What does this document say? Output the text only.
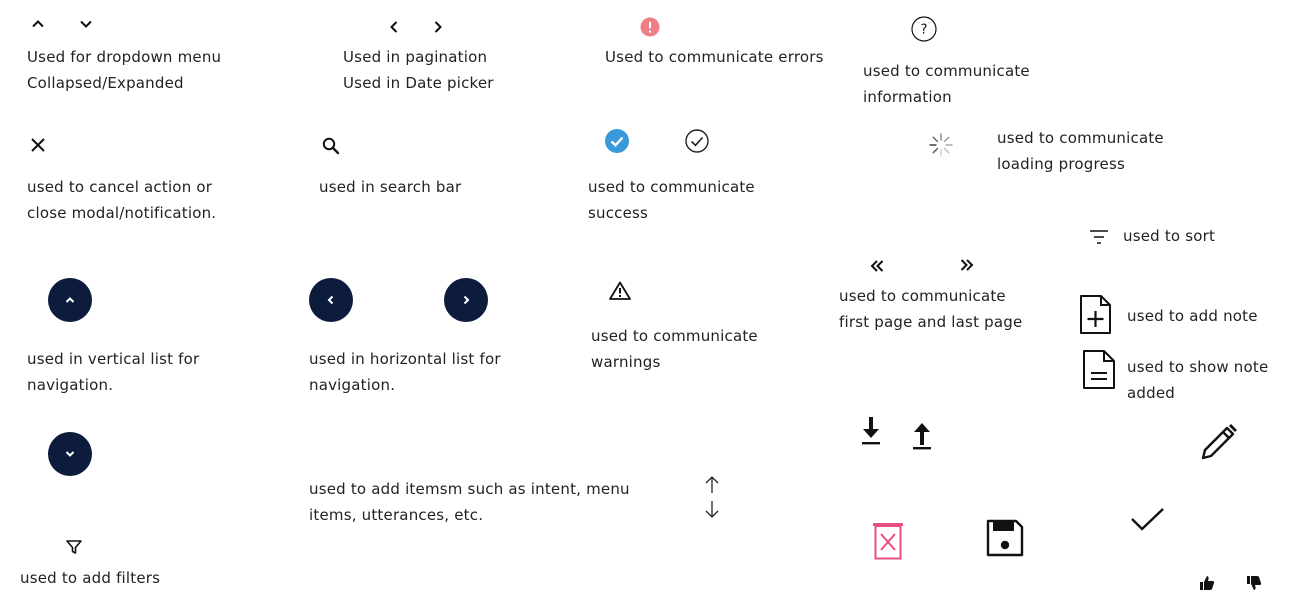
Used for dropdown menu
Collapsed/Expanded
used to cancel action or
close modal/notification.
used in vertical list for
navigation.
used to add filters
Used in pagination
Used in Date picker
used in search bar
used in horizontal list for
navigation.
used to add itemsm such as intent, menu
items, utterances, etc.
Used to communicate errors
used to communicate
success
used to communicate
warnings
?
used to communicate
information
used to communicate
loading progress
used to sort
used to communicate
first page and last page	used to add note
used to show note
added
